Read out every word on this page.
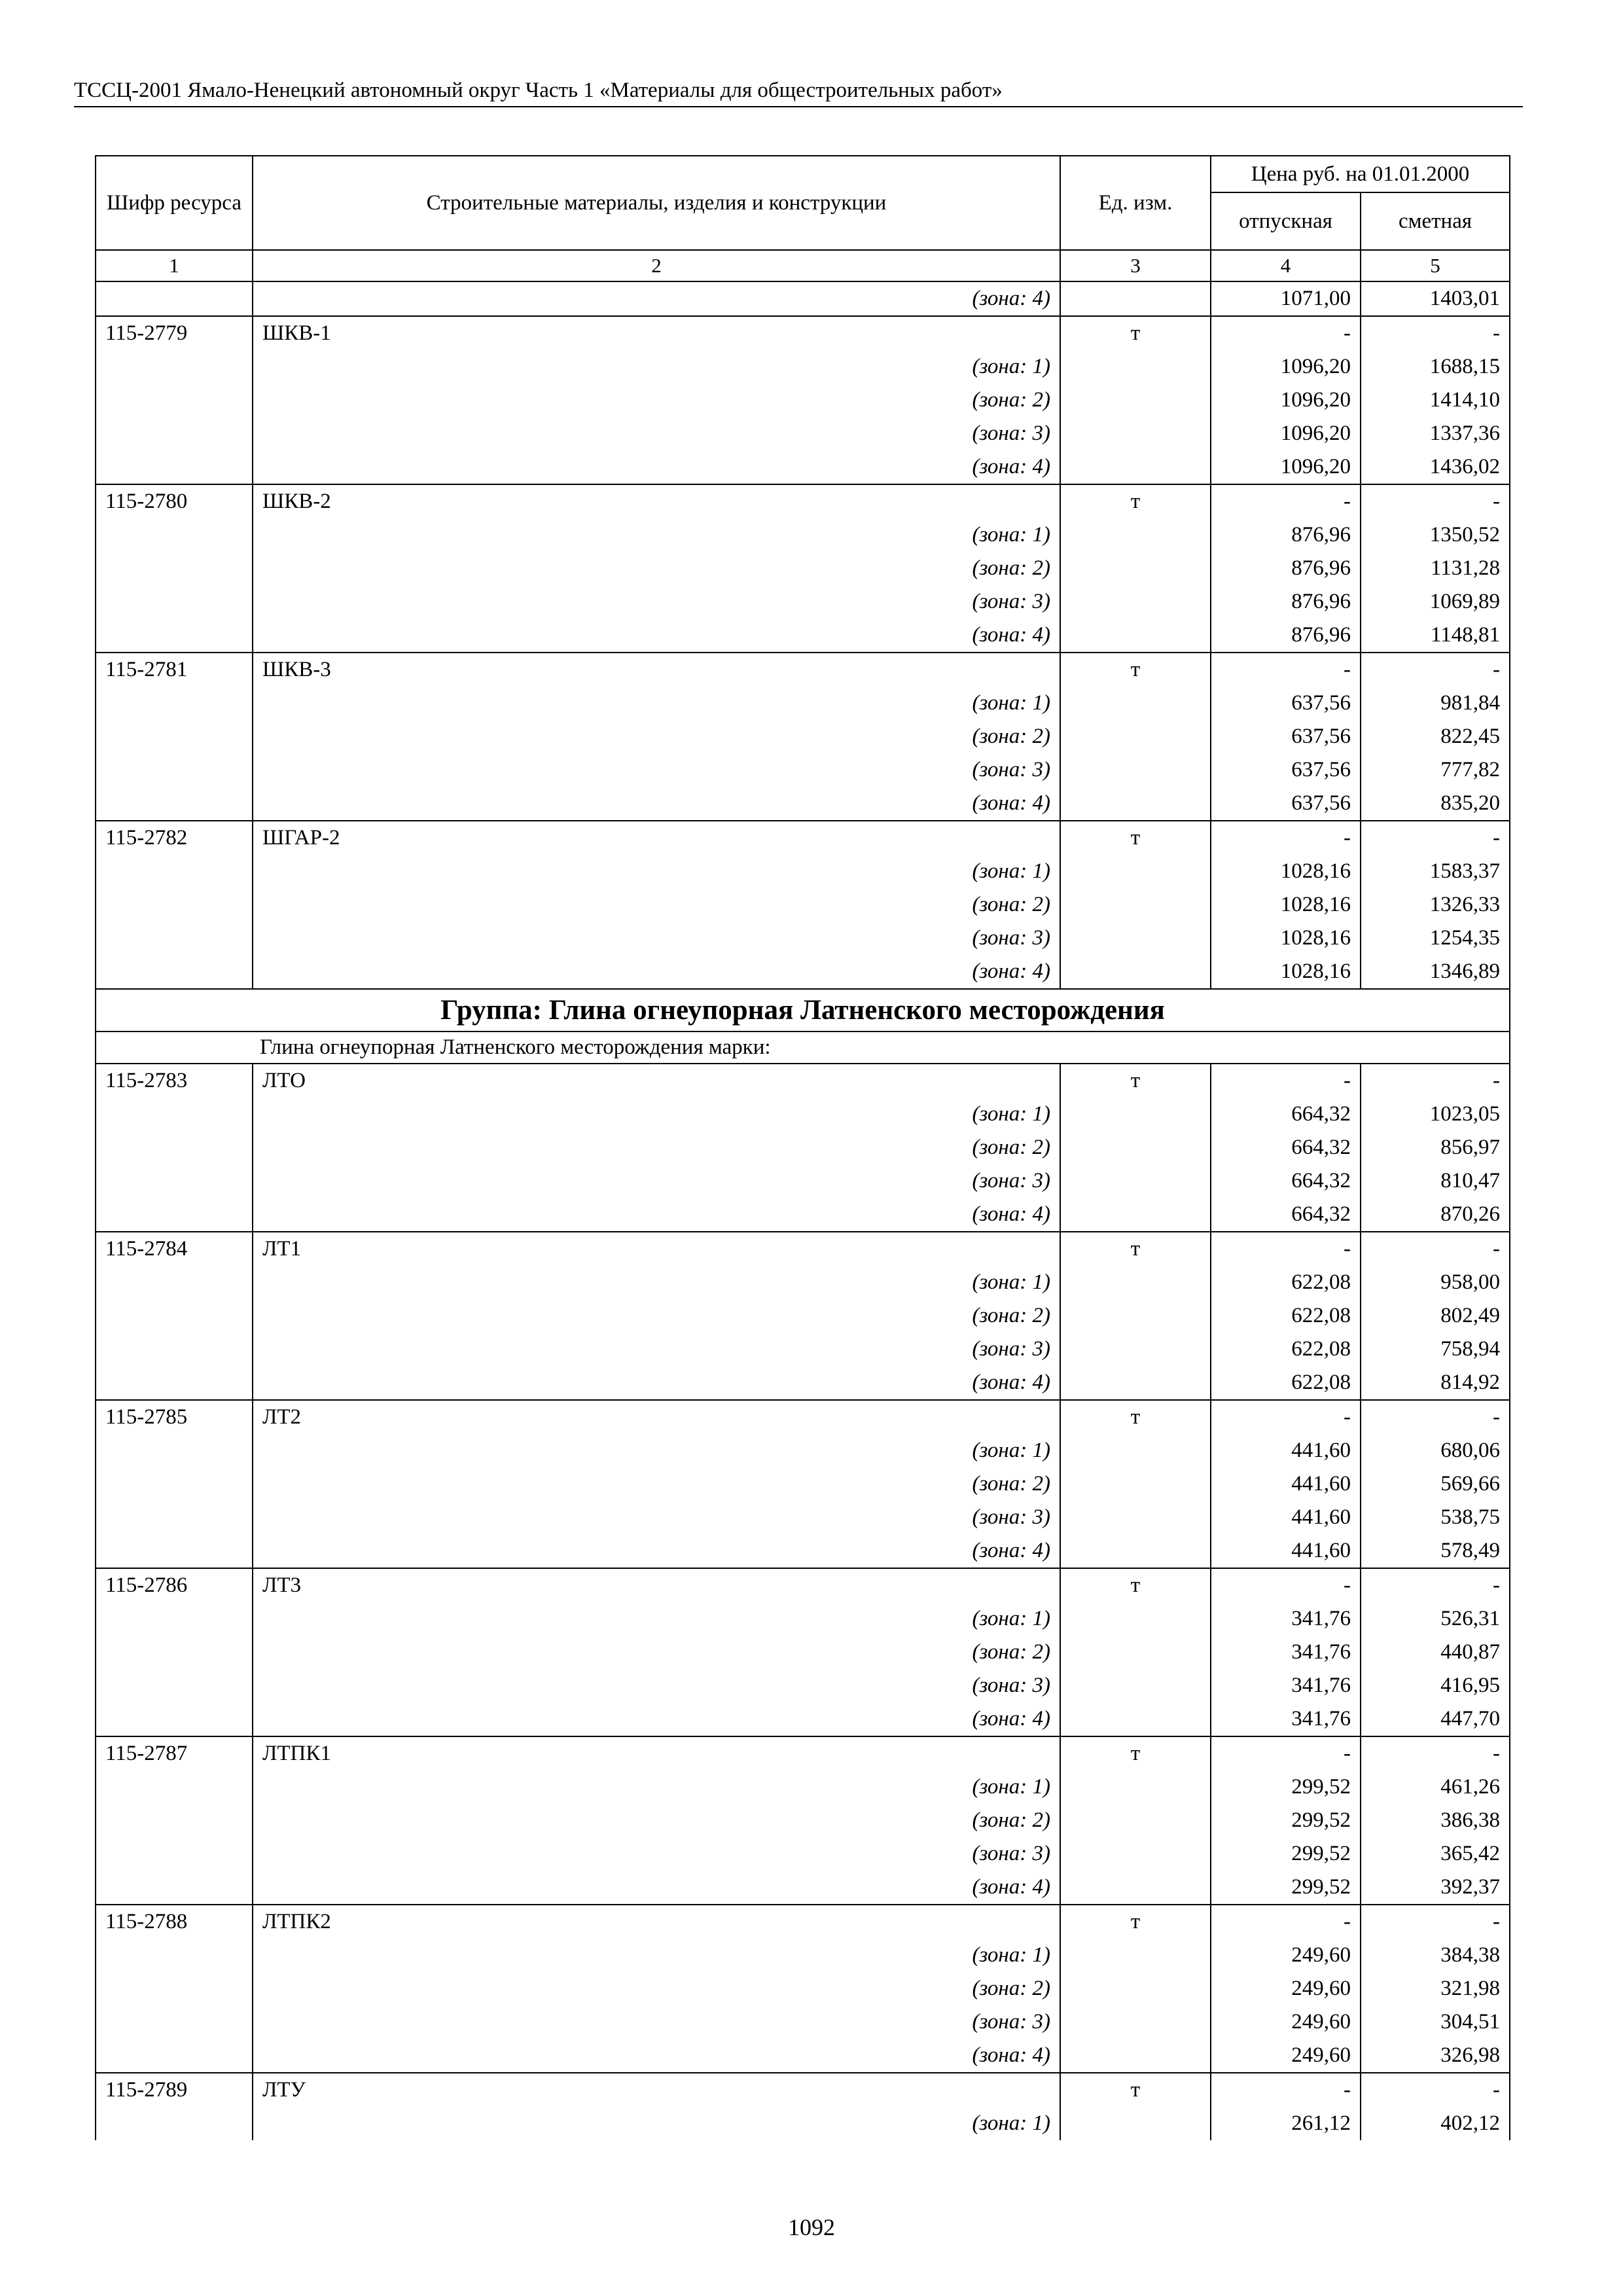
ТССЦ-2001 Ямало-Ненецкий автономный округ Часть 1 «Материалы для общестроительных работ»
Шифр ресурса	Строительные материалы, изделия и конструкции	Ед. изм.	Цена руб. на 01.01.2000	
			отпускная	сметная
1	2	3	4	5
	(зона: 4)		1071,00	1403,01
115-2779	ШКВ-1	т	-	-
	(зона: 1)		1096,20	1688,15
	(зона: 2)		1096,20	1414,10
	(зона: 3)		1096,20	1337,36
	(зона: 4)		1096,20	1436,02
115-2780	ШКВ-2	т	-	-
	(зона: 1)		876,96	1350,52
	(зона: 2)		876,96	1131,28
	(зона: 3)		876,96	1069,89
	(зона: 4)		876,96	1148,81
115-2781	ШКВ-3	т	-	-
	(зона: 1)		637,56	981,84
	(зона: 2)		637,56	822,45
	(зона: 3)		637,56	777,82
	(зона: 4)		637,56	835,20
115-2782	ШГАР-2	т	-	-
	(зона: 1)		1028,16	1583,37
	(зона: 2)		1028,16	1326,33
	(зона: 3)		1028,16	1254,35
	(зона: 4)		1028,16	1346,89
Группа: Глина огнеупорная Латненского месторождения				
Глина огнеупорная Латненского месторождения марки:				
115-2783	ЛТО	т	-	-
	(зона: 1)		664,32	1023,05
	(зона: 2)		664,32	856,97
	(зона: 3)		664,32	810,47
	(зона: 4)		664,32	870,26
115-2784	ЛТ1	т	-	-
	(зона: 1)		622,08	958,00
	(зона: 2)		622,08	802,49
	(зона: 3)		622,08	758,94
	(зона: 4)		622,08	814,92
115-2785	ЛТ2	т	-	-
	(зона: 1)		441,60	680,06
	(зона: 2)		441,60	569,66
	(зона: 3)		441,60	538,75
	(зона: 4)		441,60	578,49
115-2786	ЛТ3	т	-	-
	(зона: 1)		341,76	526,31
	(зона: 2)		341,76	440,87
	(зона: 3)		341,76	416,95
	(зона: 4)		341,76	447,70
115-2787	ЛТПК1	т	-	-
	(зона: 1)		299,52	461,26
	(зона: 2)		299,52	386,38
	(зона: 3)		299,52	365,42
	(зона: 4)		299,52	392,37
115-2788	ЛТПК2	т	-	-
	(зона: 1)		249,60	384,38
	(зона: 2)		249,60	321,98
	(зона: 3)		249,60	304,51
	(зона: 4)		249,60	326,98
115-2789	ЛТУ	т	-	-
	(зона: 1)		261,12	402,12
1092
